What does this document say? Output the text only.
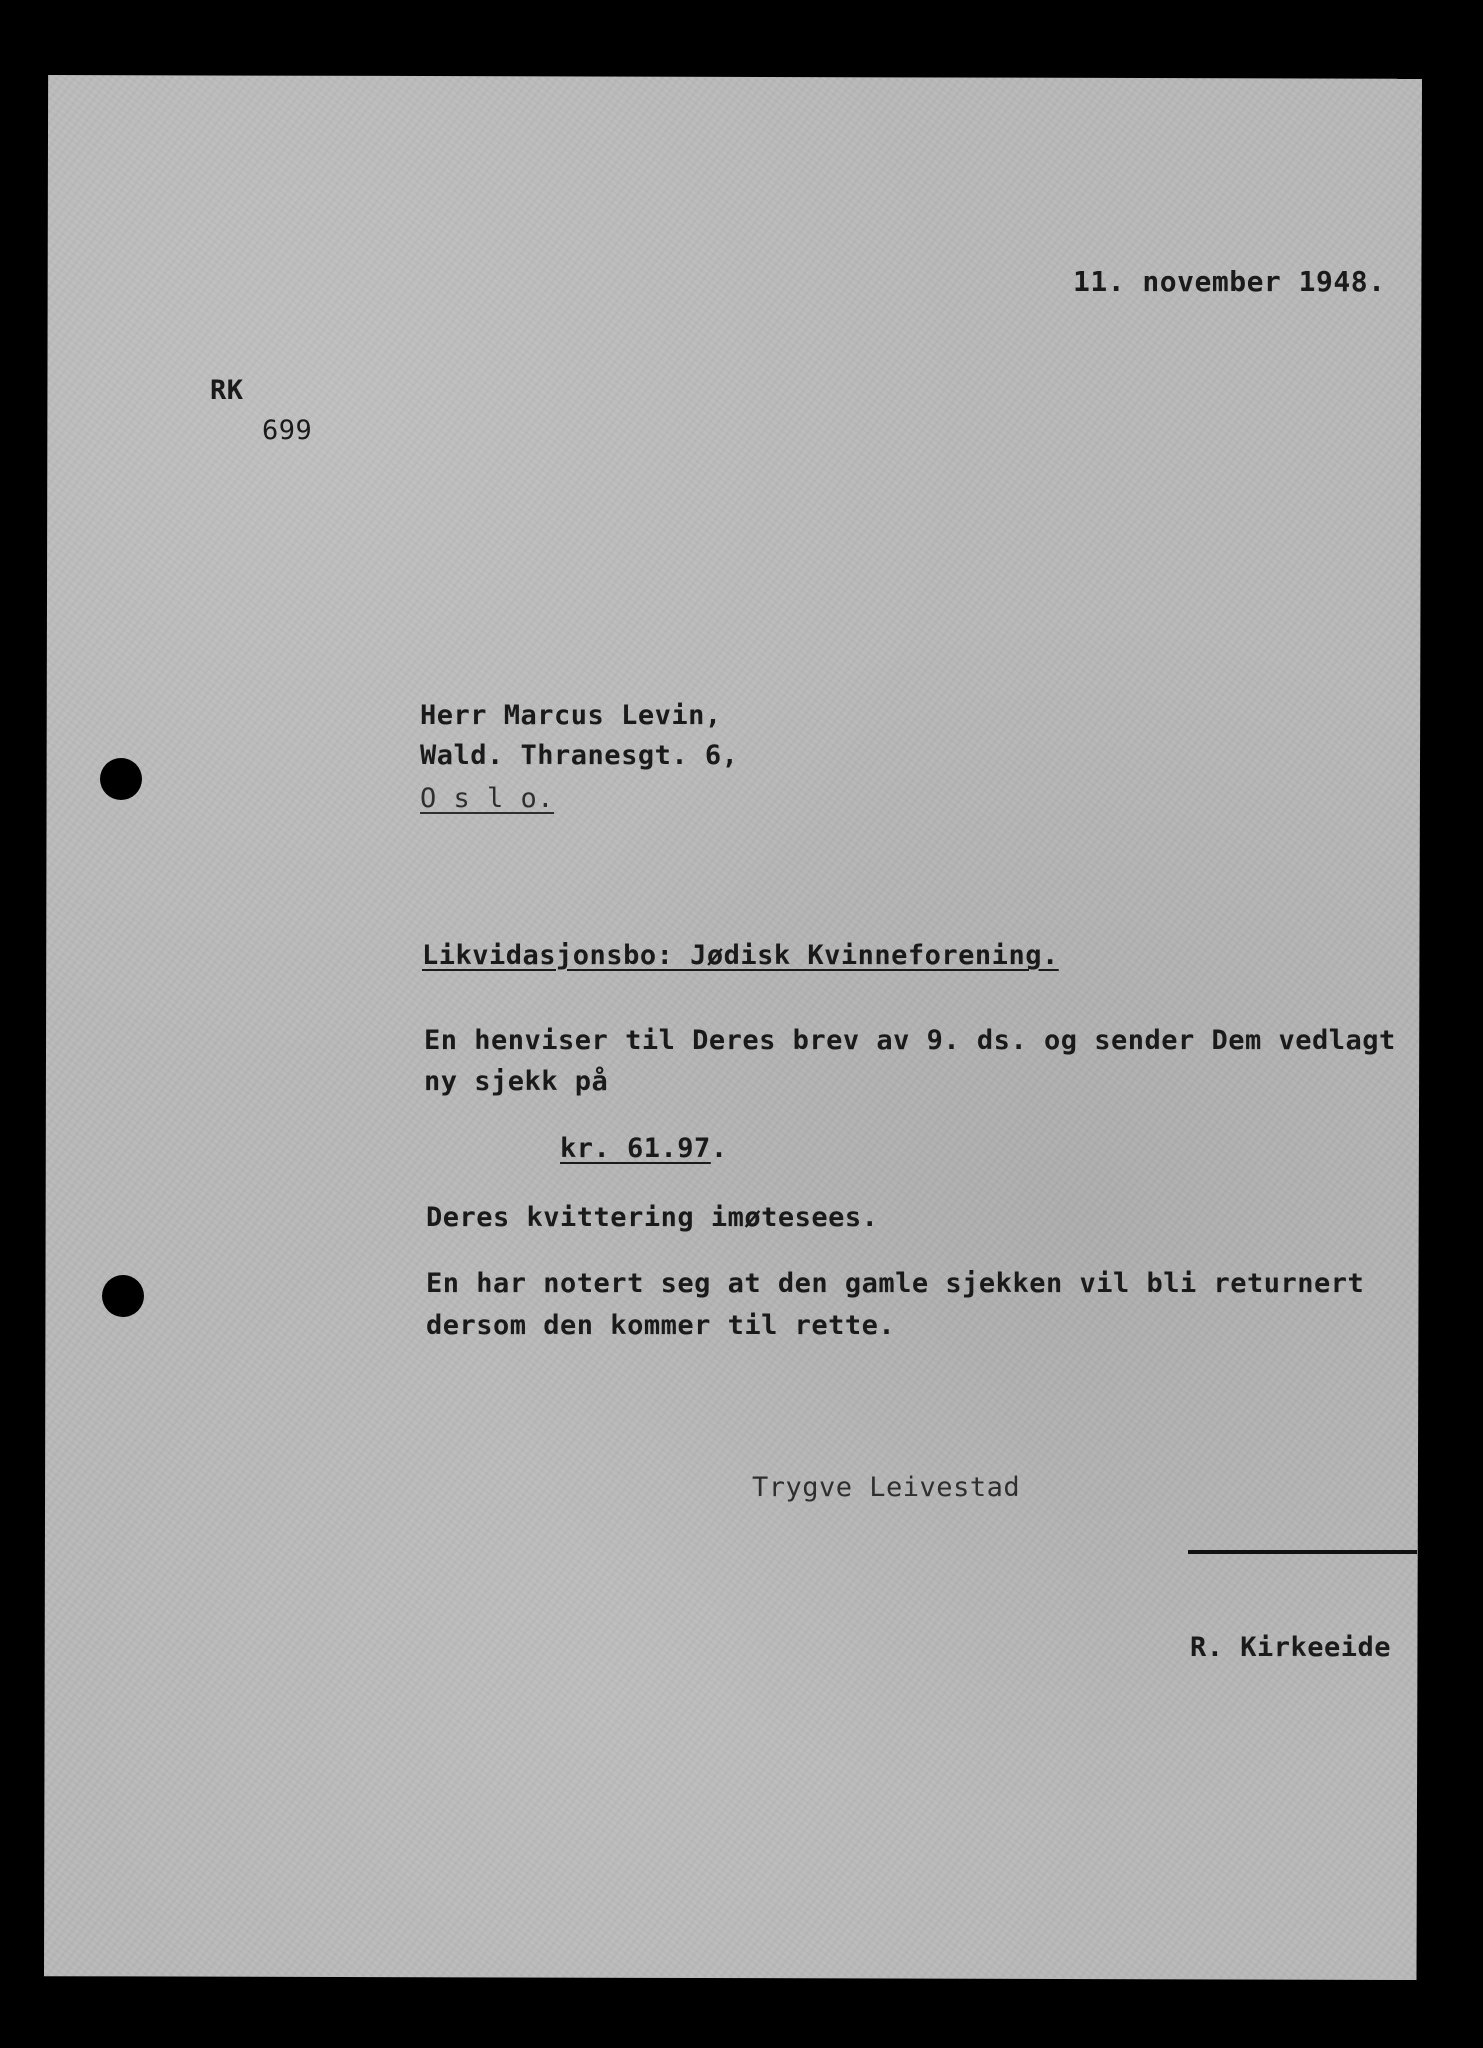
11. november 1948.
RK
699
Herr Marcus Levin,
Wald. Thranesgt. 6,
O s l o.
Likvidasjonsbo: Jødisk Kvinneforening.
En henviser til Deres brev av 9. ds. og sender Dem vedlagt
ny sjekk på
kr. 61.97.
Deres kvittering imøtesees.
En har notert seg at den gamle sjekken vil bli returnert
dersom den kommer til rette.
Trygve Leivestad
R. Kirkeeide
